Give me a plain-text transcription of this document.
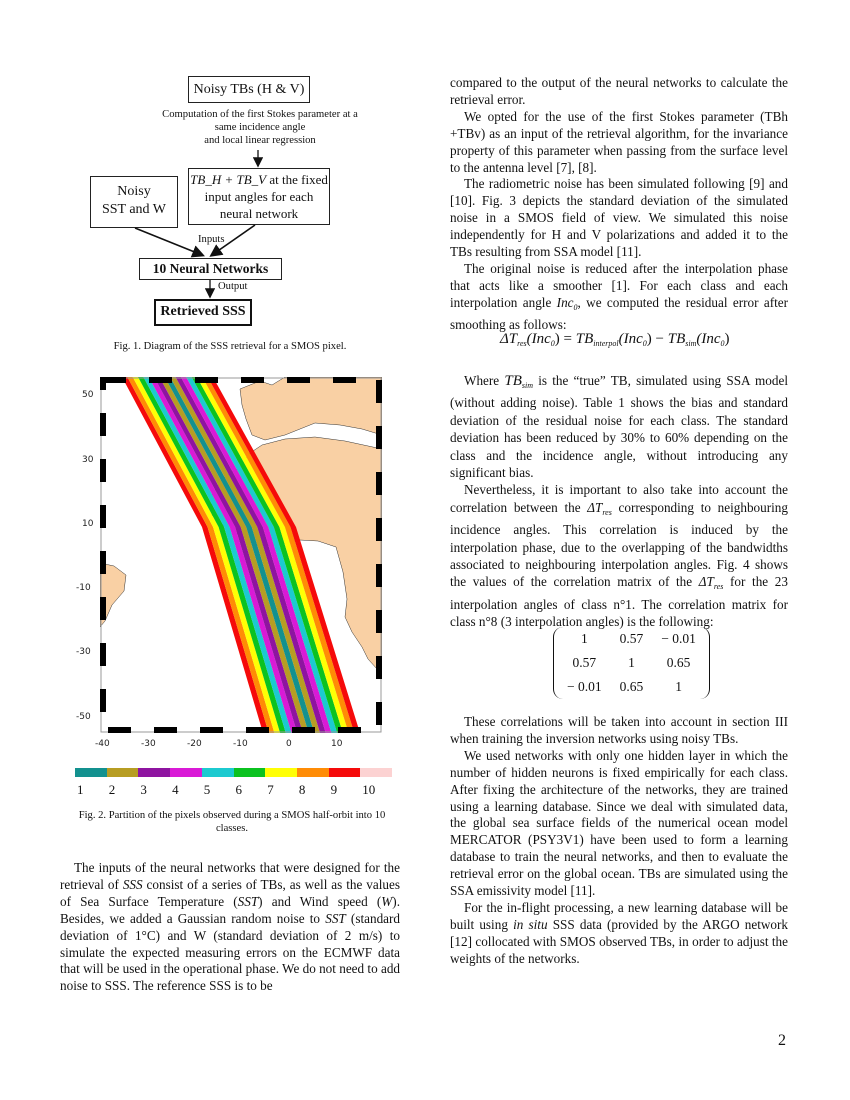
Noisy TBs (H & V)
Computation of the first Stokes parameter at a
same incidence angle
and local linear regression
TB_H + TB_V at the fixed
input angles for each
neural network
Noisy
SST and W
Inputs
10 Neural Networks
Output
Retrieved SSS
Fig. 1. Diagram of the SSS retrieval for a SMOS pixel.
50
30
10
-10
-30
-50
-40	-30	-20	-10	0	10
1 2 3 4 5 6 7 8 9 10
Fig. 2. Partition of the pixels observed during a SMOS half-orbit into 10 classes.

The inputs of the neural networks that were designed for the retrieval of SSS consist of a series of TBs, as well as the values of Sea Surface Temperature (SST) and Wind speed (W). Besides, we added a Gaussian random noise to SST (standard deviation of 1°C) and W (standard deviation of 2 m/s) to simulate the expected measuring errors on the ECMWF data that will be used in the operational phase. We do not need to add noise to SSS. The reference SSS is to be

compared to the output of the neural networks to calculate the retrieval error.

We opted for the use of the first Stokes parameter (TBh +TBv) as an input of the retrieval algorithm, for the invariance property of this parameter when passing from the surface level to the antenna level [7], [8].

The radiometric noise has been simulated following [9] and [10]. Fig. 3 depicts the standard deviation of the simulated noise in a SMOS field of view. We simulated this noise independently for H and V polarizations and added it to the TBs resulting from SSA model [11].

The original noise is reduced after the interpolation phase that acts like a smoother [1]. For each class and each interpolation angle Inc$_0$, we computed the residual error after smoothing as follows:

$\Delta T_{res}(Inc_0) = TB_{interpol}(Inc_0) - TB_{sim}(Inc_0)$

Where $TB_{sim}$ is the “true” TB, simulated using SSA model (without adding noise). Table 1 shows the bias and standard deviation of the residual noise for each class. The standard deviation has been reduced by 30% to 60% depending on the class and the incidence angle, without introducing any significant bias.

Nevertheless, it is important to also take into account the correlation between the $\Delta T_{res}$ corresponding to neighbouring incidence angles. This correlation is induced by the interpolation phase, due to the overlapping of the bandwidths associated to neighbouring interpolation angles. Fig. 4 shows the values of the correlation matrix of the $\Delta T_{res}$ for the 23 interpolation angles of class n°1. The correlation matrix for class n°8 (3 interpolation angles) is the following:

1	0.57	− 0.01
0.57	1	0.65
− 0.01	0.65	1

These correlations will be taken into account in section III when training the inversion networks using noisy TBs.

We used networks with only one hidden layer in which the number of hidden neurons is fixed empirically for each class. After fixing the architecture of the networks, they are trained using a learning database. Since we deal with simulated data, the global sea surface fields of the numerical ocean model MERCATOR (PSY3V1) have been used to form a learning database to train the neural networks, and then to evaluate the retrieval error on the global ocean. TBs are simulated using the SSA emissivity model [11].

For the in-flight processing, a new learning database will be built using in situ SSS data (provided by the ARGO network [12] collocated with SMOS observed TBs, in order to adjust the weights of the networks.

2
